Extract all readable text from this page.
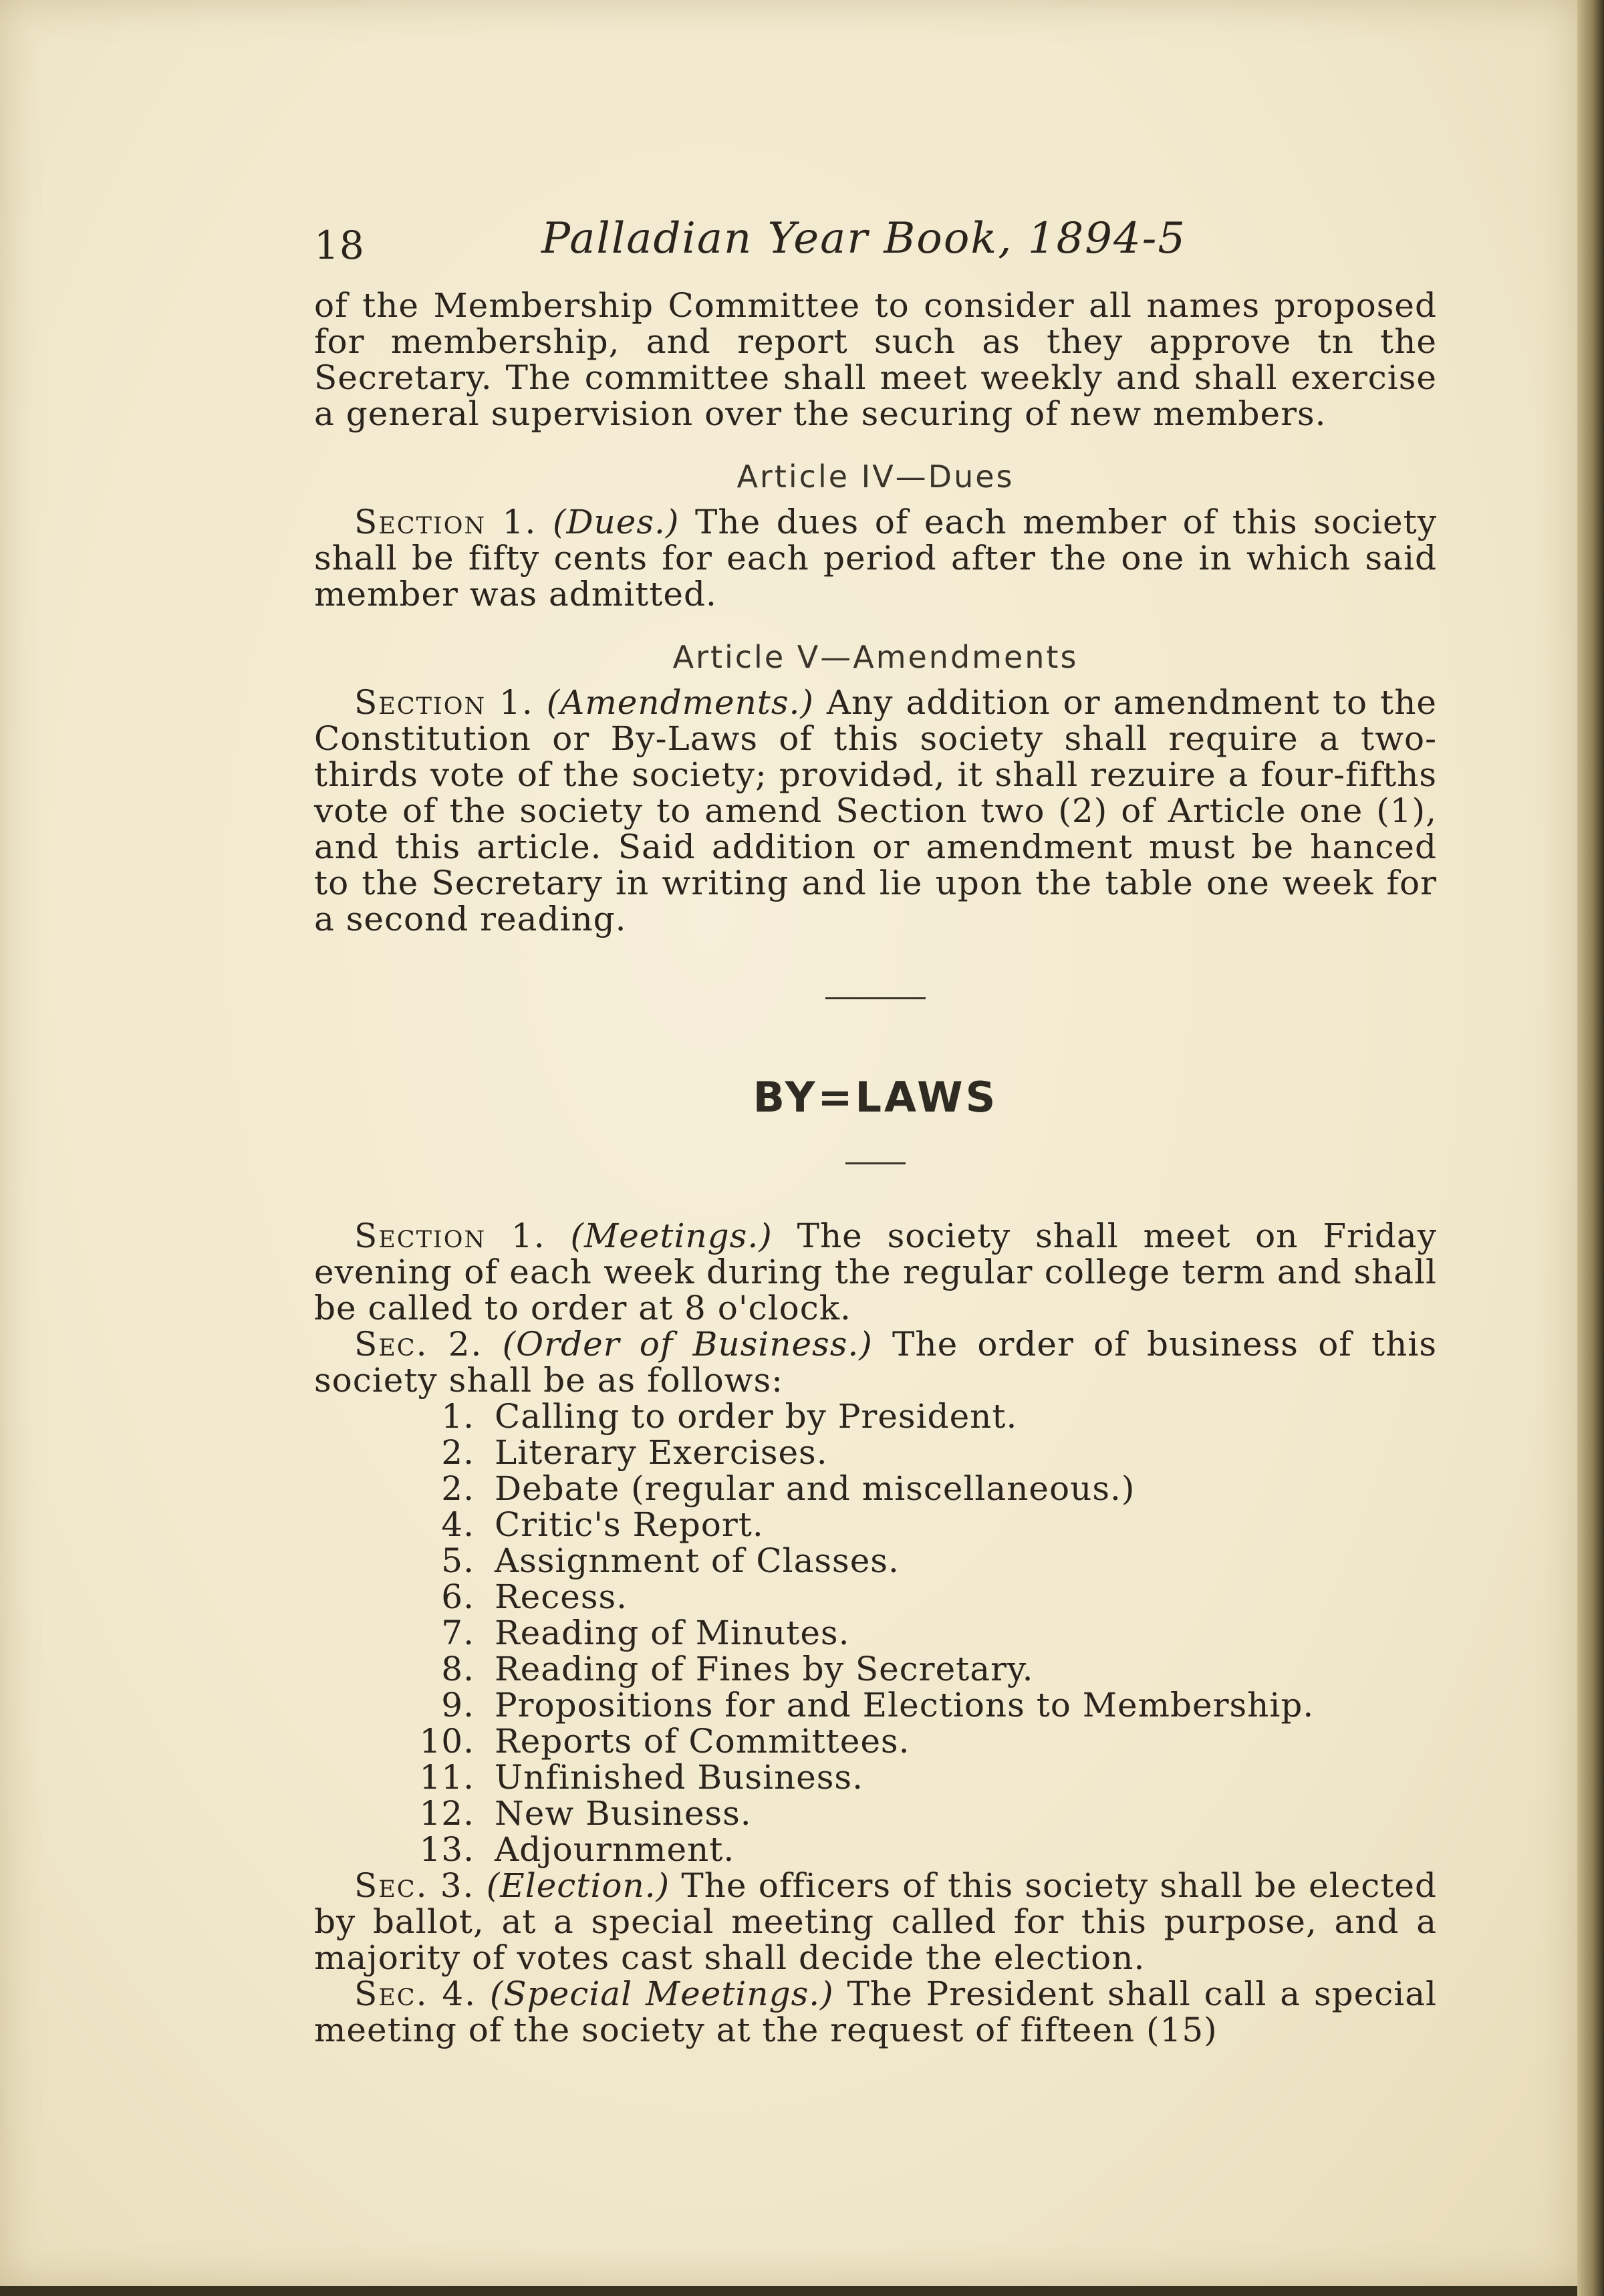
18	Palladian Year Book, 1894-5

of the Membership Committee to consider all names proposed for membership, and report such as they approve tn the Secretary. The committee shall meet weekly and shall exercise a general supervision over the securing of new members.

Article IV—Dues

Section 1. (Dues.) The dues of each member of this society shall be fifty cents for each period after the one in which said member was admitted.

Article V—Amendments

Section 1. (Amendments.) Any addition or amendment to the Constitution or By-Laws of this society shall require a two-thirds vote of the society; providəd, it shall rezuire a four-fifths vote of the society to amend Section two (2) of Article one (1), and this article. Said addition or amendment must be hanced to the Secretary in writing and lie upon the table one week for a second reading.

BY=LAWS

Section 1. (Meetings.) The society shall meet on Friday evening of each week during the regular college term and shall be called to order at 8 o'clock.

Sec. 2. (Order of Business.) The order of business of this society shall be as follows:

1. Calling to order by President.
2. Literary Exercises.
2. Debate (regular and miscellaneous.)
4. Critic's Report.
5. Assignment of Classes.
6. Recess.
7. Reading of Minutes.
8. Reading of Fines by Secretary.
9. Propositions for and Elections to Membership.
10. Reports of Committees.
11. Unfinished Business.
12. New Business.
13. Adjournment.

Sec. 3. (Election.) The officers of this society shall be elected by ballot, at a special meeting called for this purpose, and a majority of votes cast shall decide the election.

Sec. 4. (Special Meetings.) The President shall call a special meeting of the society at the request of fifteen (15)
